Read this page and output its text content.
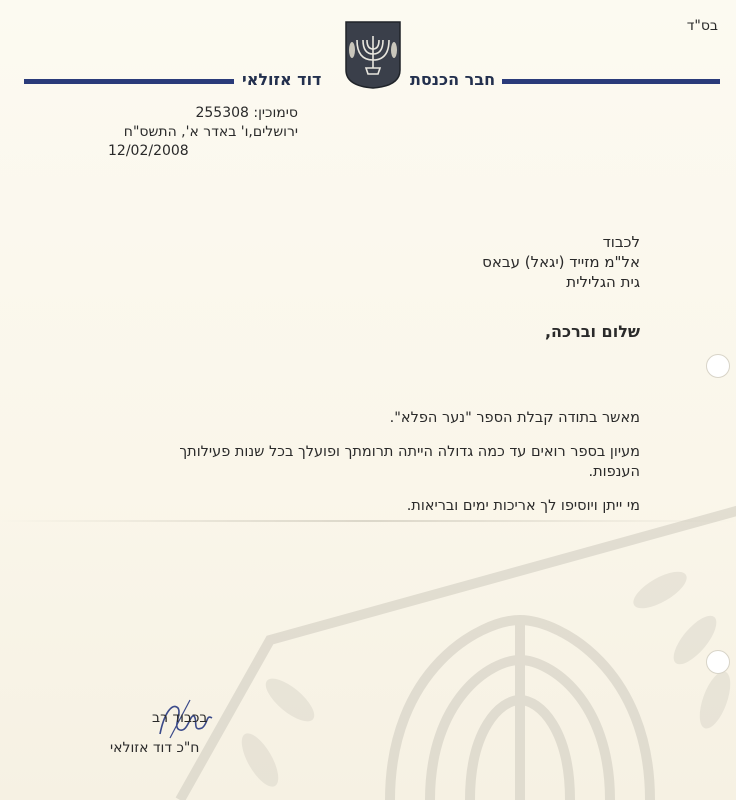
בס"ד
דוד אזולאי	חבר הכנסת
סימוכין: 255308
ירושלים,ו' באדר א', התשס"ח
12/02/2008
לכבוד
אל"מ מזייד (יגאל) עבאס
גית הגלילית
שלום וברכה,

מאשר בתודה קבלת הספר "נער הפלא".

מעיון בספר רואים עד כמה גדולה הייתה תרומתך ופועלך בכל שנות פעילותך
הענפות.

מי ייתן ויוסיפו לך אריכות ימים ובריאות.

בכבוד רב
ח"כ דוד אזולאי
